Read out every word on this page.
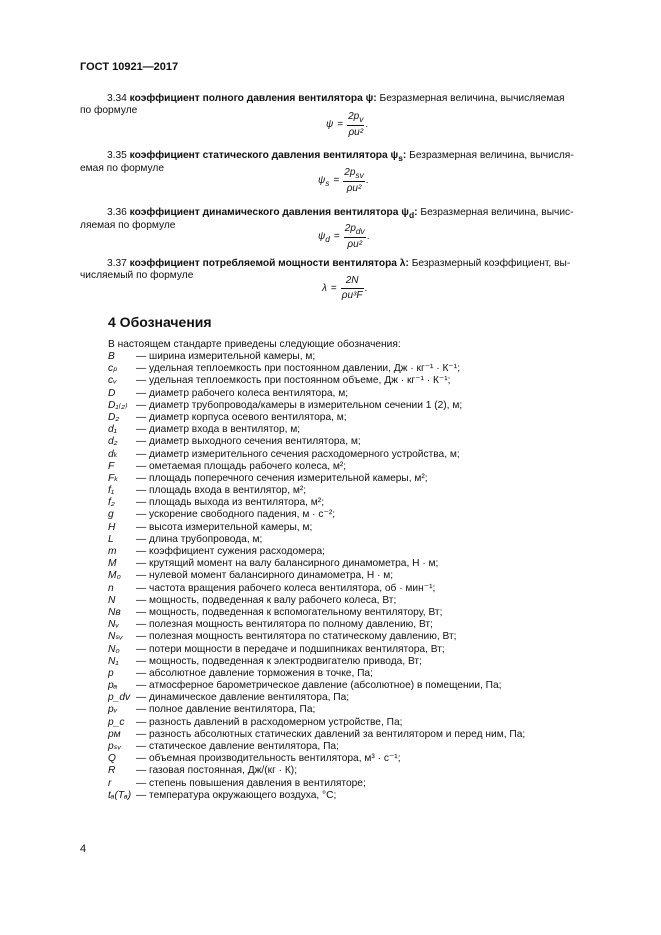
ГОСТ 10921—2017
3.34 коэффициент полного давления вентилятора ψ: Безразмерная величина, вычисляемая
по формуле
$\psi = \frac{2p_v}{\text{ρu²}}$ .
3.35 коэффициент статического давления вентилятора $\psi_s$: Безразмерная величина, вычисля-
емая по формуле
$\psi_s = \frac{2p_{sv}}{\text{ρu²}}$ .
3.36 коэффициент динамического давления вентилятора $\psi_d$: Безразмерная величина, вычис-
ляемая по формуле
$\psi_d = \frac{2p_{dv}}{\text{ρu²}}$ .
3.37 коэффициент потребляемой мощности вентилятора λ: Безразмерный коэффициент, вы-
числяемый по формуле
$\lambda = \frac{2N}{\text{ρu³F}}$ .
4 Обозначения
В настоящем стандарте приведены следующие обозначения:
B — ширина измерительной камеры, м;
cₚ — удельная теплоемкость при постоянном давлении, Дж · кг⁻¹ · К⁻¹;
cᵥ — удельная теплоемкость при постоянном объеме, Дж · кг⁻¹ · К⁻¹;
D — диаметр рабочего колеса вентилятора, м;
D₁₍₂₎ — диаметр трубопровода/камеры в измерительном сечении 1 (2), м;
D₂ — диаметр корпуса осевого вентилятора, м;
d₁ — диаметр входа в вентилятор, м;
d₂ — диаметр выходного сечения вентилятора, м;
dₖ — диаметр измерительного сечения расходомерного устройства, м;
F — ометаемая площадь рабочего колеса, м²;
Fₖ — площадь поперечного сечения измерительной камеры, м²;
f₁ — площадь входа в вентилятор, м²;
f₂ — площадь выхода из вентилятора, м²;
g — ускорение свободного падения, м · с⁻²;
H — высота измерительной камеры, м;
L — длина трубопровода, м;
m — коэффициент сужения расходомера;
M — крутящий момент на валу балансирного динамометра, Н · м;
M₀ — нулевой момент балансирного динамометра, Н · м;
n — частота вращения рабочего колеса вентилятора, об · мин⁻¹;
N — мощность, подведенная к валу рабочего колеса, Вт;
Nв — мощность, подведенная к вспомогательному вентилятору, Вт;
Nᵥ — полезная мощность вентилятора по полному давлению, Вт;
Nₛᵥ — полезная мощность вентилятора по статическому давлению, Вт;
N₀ — потери мощности в передаче и подшипниках вентилятора, Вт;
N₁ — мощность, подведенная к электродвигателю привода, Вт;
p — абсолютное давление торможения в точке, Па;
pₐ — атмосферное барометрическое давление (абсолютное) в помещении, Па;
p_dv — динамическое давление вентилятора, Па;
pᵥ — полное давление вентилятора, Па;
p_c — разность давлений в расходомерном устройстве, Па;
pм — разность абсолютных статических давлений за вентилятором и перед ним, Па;
pₛᵥ — статическое давление вентилятора, Па;
Q — объемная производительность вентилятора, м³ · с⁻¹;
R — газовая постоянная, Дж/(кг · К);
r — степень повышения давления в вентиляторе;
tₐ(Tₐ) — температура окружающего воздуха, °С;
4
